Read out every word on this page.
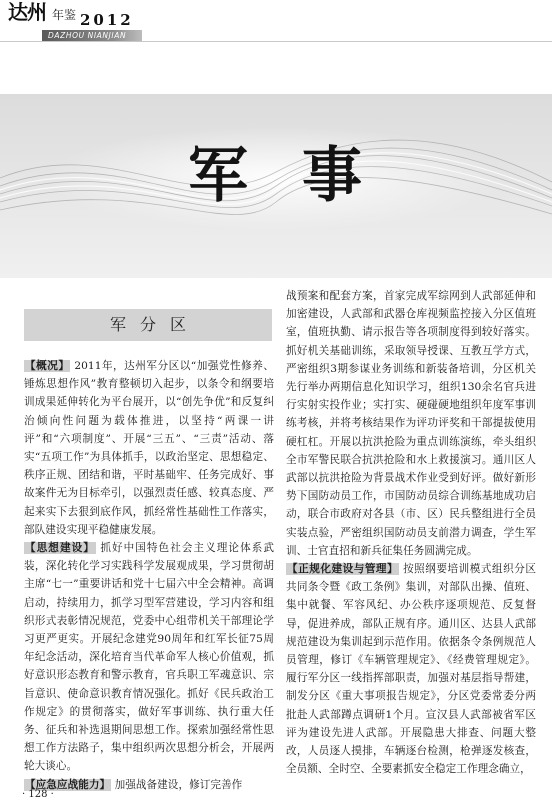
达州 年鉴 2012
DAZHOU NIANJIAN
军 事
军分区

【概况】 2011年，达州军分区以“加强党性修养、锤炼思想作风”教育整顿切入起步，以条令和纲要培训成果延伸转化为平台展开，以“创先争优”和反复纠治倾向性问题为载体推进，以坚持“两课一讲评”和“六项制度”、开展“三五”、“三责”活动、落实“五项工作”为具体抓手，以政治坚定、思想稳定、秩序正规、团结和谐，平时基础牢、任务完成好、事故案件无为目标牵引，以强烈责任感、较真态度、严起来实下去狠到底作风，抓经常性基础性工作落实，部队建设实现平稳健康发展。

【思想建设】 抓好中国特色社会主义理论体系武装，深化转化学习实践科学发展观成果，学习贯彻胡主席“七一”重要讲话和党十七届六中全会精神。高调启动，持续用力，抓学习型军营建设，学习内容和组织形式表彰情况规范，党委中心组带机关干部理论学习更严更实。开展纪念建党90周年和红军长征75周年纪念活动，深化培育当代革命军人核心价值观，抓好意识形态教育和警示教育，官兵职工军魂意识、宗旨意识、使命意识教育情况强化。抓好《民兵政治工作规定》的贯彻落实，做好军事训练、执行重大任务、征兵和补选退期间思想工作。探索加强经常性思想工作方法路子，集中组织两次思想分析会，开展两轮大谈心。

【应急应战能力】 加强战备建设，修订完善作

战预案和配套方案，首家完成军综网到人武部延伸和加密建设，人武部和武器仓库视频监控接入分区值班室，值班执勤、请示报告等各项制度得到较好落实。抓好机关基础训练，采取领导授课、互教互学方式，严密组织3期参谋业务训练和新装备培训，分区机关先行举办两期信息化知识学习，组织130余名官兵进行实射实投作业；实打实、硬碰硬地组织年度军事训练考核，并将考核结果作为评功评奖和干部提拔使用硬杠杠。开展以抗洪抢险为重点训练演练，牵头组织全市军警民联合抗洪抢险和水上救援演习。通川区人武部以抗洪抢险为背景战术作业受到好评。做好新形势下国防动员工作，市国防动员综合训练基地成功启动，联合市政府对各县（市、区）民兵整组进行全员实装点验，严密组织国防动员支前潜力调查，学生军训、士官直招和新兵征集任务圆满完成。

【正规化建设与管理】 按照纲要培训模式组织分区共同条令暨《政工条例》集训，对部队出操、值班、集中就餐、军容风纪、办公秩序逐项规范、反复督导，促进养成，部队正规有序。通川区、达县人武部规范建设为集训起到示范作用。依据条令条例规范人员管理，修订《车辆管理规定》、《经费管理规定》。履行军分区一线指挥部职责，加强对基层指导帮建，制发分区《重大事项报告规定》，分区党委常委分两批赴人武部蹲点调研1个月。宣汉县人武部被省军区评为建设先进人武部。开展隐患大排查、问题大整改，人员逐人摸排，车辆逐台检测，枪弹逐发核查，全员额、全时空、全要素抓安全稳定工作理念确立，

· 128 ·
